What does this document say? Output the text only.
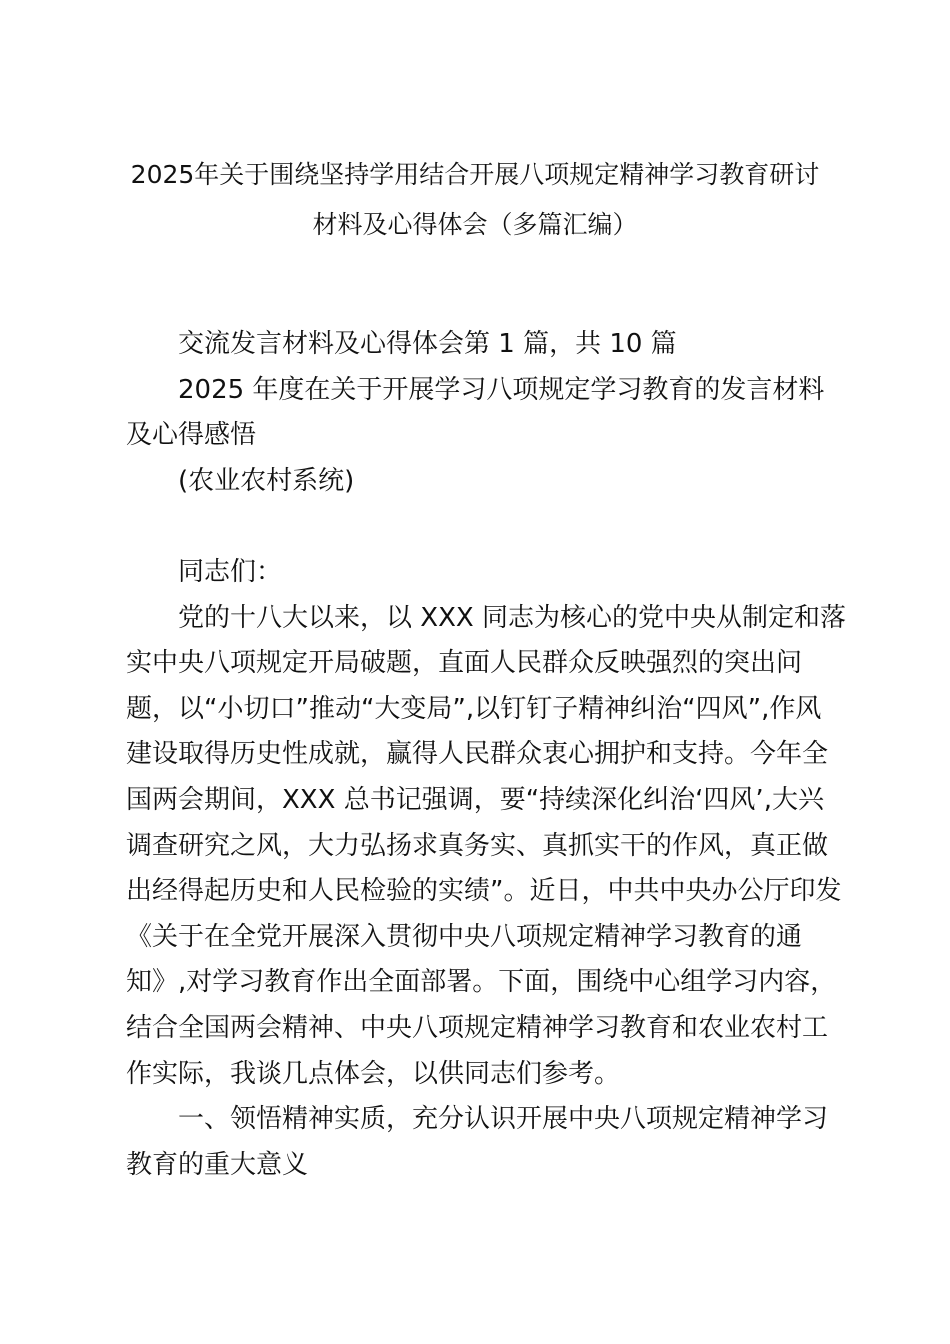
2025年关于围绕坚持学用结合开展八项规定精神学习教育研讨
材料及心得体会（多篇汇编）

交流发言材料及心得体会第 1 篇，共 10 篇

2025 年度在关于开展学习八项规定学习教育的发言材料

及心得感悟

(农业农村系统)

同志们：

党的十八大以来，以 XXX 同志为核心的党中央从制定和落

实中央八项规定开局破题，直面人民群众反映强烈的突出问

题，以“小切口”推动“大变局”,以钉钉子精神纠治“四风”,作风

建设取得历史性成就，赢得人民群众衷心拥护和支持。今年全

国两会期间，XXX 总书记强调，要“持续深化纠治‘四风’,大兴

调查研究之风，大力弘扬求真务实、真抓实干的作风，真正做

出经得起历史和人民检验的实绩”。近日，中共中央办公厅印发

《关于在全党开展深入贯彻中央八项规定精神学习教育的通

知》,对学习教育作出全面部署。下面，围绕中心组学习内容，

结合全国两会精神、中央八项规定精神学习教育和农业农村工

作实际，我谈几点体会，以供同志们参考。

一、领悟精神实质，充分认识开展中央八项规定精神学习

教育的重大意义
